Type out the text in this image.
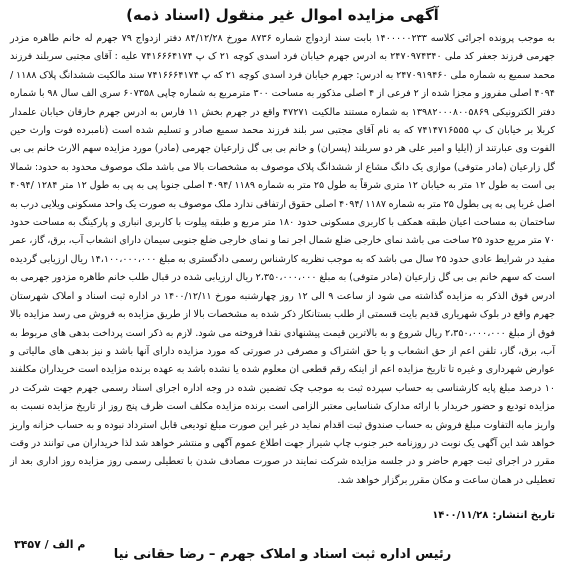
آگهی مزایده اموال غیر منقول (اسناد ذمه)

به موجب پرونده اجرائی کلاسه ۱۴۰۰۰۰۰۲۳۳ بابت سند ازدواج شماره ۸۷۳۶ مورخ ۸۴/۱۲/۲۸ دفتر ازدواج ۷۹ جهرم له خانم طاهره مزدر جهرمی فرزند جعفر کد ملی ۲۴۷۰۹۷۴۳۴۰ به ادرس جهرم خیابان فرد اسدی کوچه ۲۱ ک پ ۷۴۱۶۶۶۴۱۷۴ علیه : آقای مجتبی سربلند فرزند محمد سمیع به شماره ملی ۲۴۷۰۹۱۹۴۶۰ به ادرس: جهرم خیابان فرد اسدی کوچه ۲۱ که پ ۷۴۱۶۶۶۴۱۷۴ سند مالکیت ششدانگ پلاک ۱۱۸۸ /۴۰۹۴ اصلی مفروز و مجزا شده از ۲ فرعی از ۴ اصلی مذکور به مساحت ۳۰۰ مترمربع به شماره چاپی ۶۰۷۳۵۸ سری الف سال ۹۸ با شماره دفتر الکترونیکی ۱۳۹۸۲۰۰۰۸۰۰۵۸۶۹ به شماره مستند مالکیت ۴۷۲۷۱ واقع در جهرم بخش ۱۱ فارس به ادرس جهرم خارقان خیابان علمدار کربلا بر خیابان ک پ ۷۴۱۴۷۱۶۵۵۵ که به نام آقای مجتبی سر بلند فرزند محمد سمیع صادر و تسلیم شده است (نامبرده فوت وارث حین الفوت وی عبارتند از (ایلیا و امیر علی هر دو سربلند (پسران) و خانم بی بی گل زارعیان جهرمی (مادر) مورد مزایده سهم الارث خانم بی بی گل زارعیان (مادر متوفی) موازی یک دانگ مشاع از ششدانگ پلاک موصوف به مشخصات بالا می باشد ملک موصوف محدود به حدود: شمالا بی است به طول ۱۲ متر به خیابان ۱۲ متری شرقاً به طول ۲۵ متر به شماره ۱۱۸۹ /۴۰۹۴ اصلی جنوبا پی به پی به طول ۱۲ متر ۱۲۸۴ /۴۰۹۴ اصل غربا پی به پی بطول ۲۵ متر به شماره ۱۱۸۷ /۴۰۹۴ اصلی حقوق ارتفاقی ندارد ملک موصوف به صورت یک واحد مسکونی ویلایی درب به ساختمان به مساحت اعیان طبقه همکف با کاربری مسکونی حدود ۱۸۰ متر مربع و طبقه پیلوت با کاربری انباری و پارکینگ به مساحت حدود ۷۰ متر مربع حدود ۲۵ ساخت می باشد نمای خارجی ضلع شمال اجر نما و نمای خارجی ضلع جنوبی سیمان دارای انشعاب آب، برق، گاز، عمر مفید در شرایط عادی حدود ۲۵ سال می باشد که به موجب نظریه کارشناس رسمی دادگستری به مبلغ ۱۴،۱۰۰،۰۰۰،۰۰۰ ریال ارزیابی گردیده است که سهم خانم بی بی گل زارعیان (مادر متوفی) به مبلغ ۲،۳۵۰،۰۰۰،۰۰۰ ریال ارزیابی شده در قبال طلب خانم طاهره مزدور جهرمی به ادرس فوق الذکر به مزایده گذاشته می شود از ساعت ۹ الی ۱۲ روز چهارشنبه مورخ ۱۴۰۰/۱۲/۱۱ در اداره ثبت اسناد و املاک شهرستان جهرم واقع در بلوک شهریاری قدیم بایت قسمتی از طلب بستانکار ذکر شده به مشخصات بالا از طریق مزایده به فروش می رسد مزایده بالا فوق از مبلغ ۲،۳۵۰،۰۰۰،۰۰۰ ریال شروع و به بالاترین قیمت پیشنهادی نقدا فروخته می شود. لازم به ذکر است پرداخت بدهی های مربوط به آب، برق، گاز، تلفن اعم از حق انشعاب و یا حق اشتراک و مصرفی در صورتی که مورد مزایده دارای آنها باشد و نیز بدهی های مالیاتی و عوارض شهرداری و غیره تا تاریخ مزایده اعم از اینکه رقم قطعی ان معلوم شده یا نشده باشد به عهده برنده مزایده است خریداران مکلفند ۱۰ درصد مبلغ پایه کارشناسی به حساب سپرده ثبت به موجب چک تضمین شده در وجه اداره اجرای اسناد رسمی جهرم جهت شرکت در مزایده تودیع و حضور خریدار با ارائه مدارک شناسایی معتبر الزامی است برنده مزایده مکلف است ظرف پنج روز از تاریخ مزایده نسبت به واریز مابه التفاوت مبلغ فروش به حساب صندوق ثبت اقدام نماید در غیر این صورت مبلغ تودیعی قابل استرداد نبوده و به حساب خزانه واریز خواهد شد این آگهی یک نوبت در روزنامه خبر جنوب چاپ شیراز جهت اطلاع عموم آگهی و منتشر خواهد شد لذا خریداران می توانند در وقت مقرر در اجرای ثبت جهرم حاضر و در جلسه مزایده شرکت نمایند در صورت مصادف شدن با تعطیلی رسمی روز مزایده روز اداری بعد از تعطیلی در همان ساعت و مکان مقرر برگزار خواهد شد.

تاریخ انتشار:۱۴۰۰/۱۱/۲۸
۳۴۵۷ / م الف
رئیس اداره ثبت اسناد و املاک جهرم – رضا حقانی نیا
